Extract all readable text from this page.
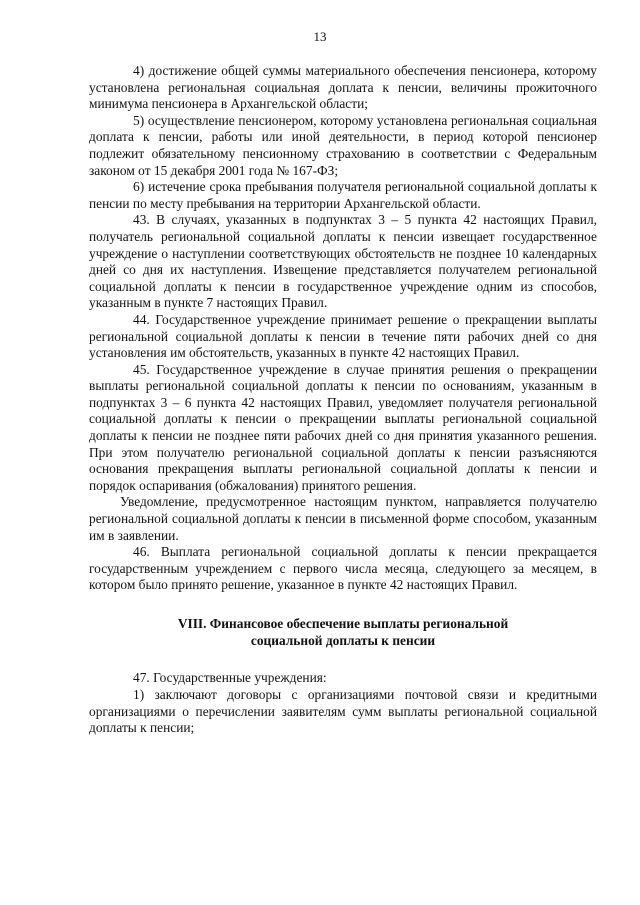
13

4) достижение общей суммы материального обеспечения пенсионера, которому установлена региональная социальная доплата к пенсии, величины прожиточного минимума пенсионера в Архангельской области;

5) осуществление пенсионером, которому установлена региональная социальная доплата к пенсии, работы или иной деятельности, в период которой пенсионер подлежит обязательному пенсионному страхованию в соответствии с Федеральным законом от 15 декабря 2001 года № 167-ФЗ;

6) истечение срока пребывания получателя региональной социальной доплаты к пенсии по месту пребывания на территории Архангельской области.

43. В случаях, указанных в подпунктах 3 – 5 пункта 42 настоящих Правил, получатель региональной социальной доплаты к пенсии извещает государственное учреждение о наступлении соответствующих обстоятельств не позднее 10 календарных дней со дня их наступления. Извещение представляется получателем региональной социальной доплаты к пенсии в государственное учреждение одним из способов, указанным в пункте 7 настоящих Правил.

44. Государственное учреждение принимает решение о прекращении выплаты региональной социальной доплаты к пенсии в течение пяти рабочих дней со дня установления им обстоятельств, указанных в пункте 42 настоящих Правил.

45. Государственное учреждение в случае принятия решения о прекращении выплаты региональной социальной доплаты к пенсии по основаниям, указанным в подпунктах 3 – 6 пункта 42 настоящих Правил, уведомляет получателя региональной социальной доплаты к пенсии о прекращении выплаты региональной социальной доплаты к пенсии не позднее пяти рабочих дней со дня принятия указанного решения. При этом получателю региональной социальной доплаты к пенсии разъясняются основания прекращения выплаты региональной социальной доплаты к пенсии и порядок оспаривания (обжалования) принятого решения.

Уведомление, предусмотренное настоящим пунктом, направляется получателю региональной социальной доплаты к пенсии в письменной форме способом, указанным им в заявлении.

46. Выплата региональной социальной доплаты к пенсии прекращается государственным учреждением с первого числа месяца, следующего за месяцем, в котором было принято решение, указанное в пункте 42 настоящих Правил.

VIII. Финансовое обеспечение выплаты региональной
социальной доплаты к пенсии

47. Государственные учреждения:

1) заключают договоры с организациями почтовой связи и кредитными организациями о перечислении заявителям сумм выплаты региональной социальной доплаты к пенсии;
